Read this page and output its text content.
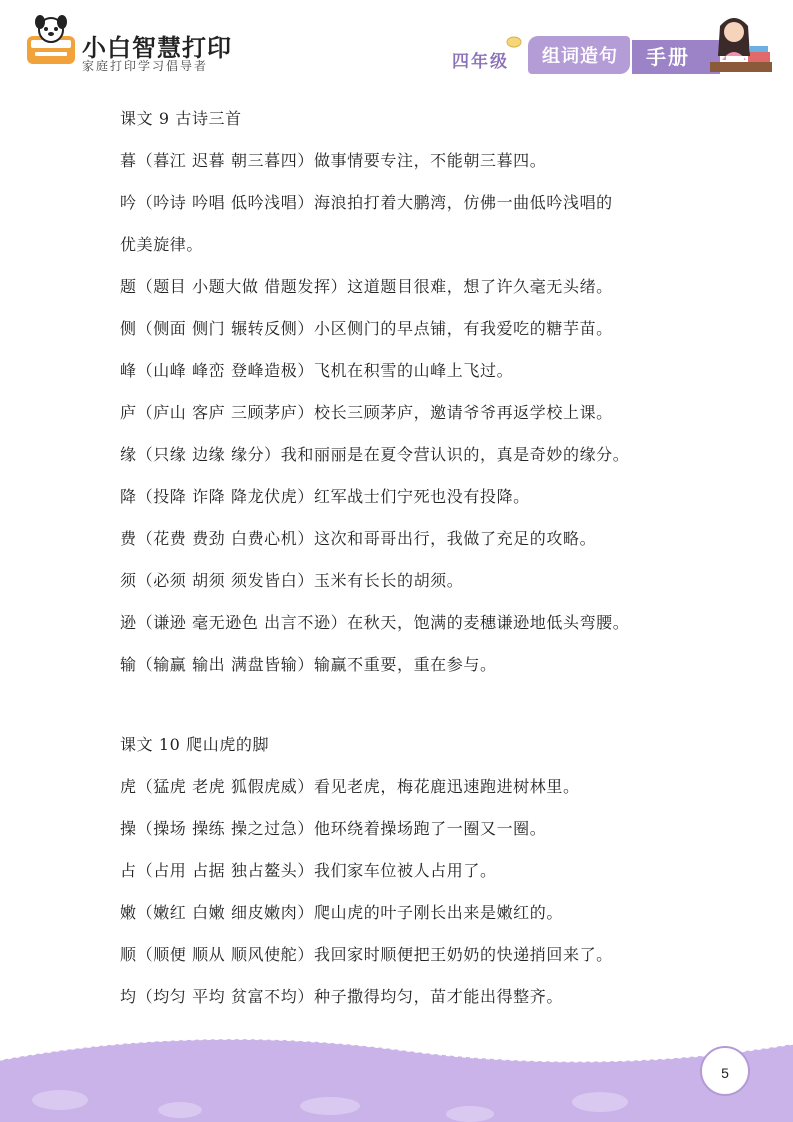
小白智慧打印
家庭打印学习倡导者	四年级 组词造句	手册
课文 9 古诗三首
暮（暮江 迟暮 朝三暮四）做事情要专注，不能朝三暮四。
吟（吟诗 吟唱 低吟浅唱）海浪拍打着大鹏湾，仿佛一曲低吟浅唱的
优美旋律。
题（题目 小题大做 借题发挥）这道题目很难，想了许久毫无头绪。
侧（侧面 侧门 辗转反侧）小区侧门的早点铺，有我爱吃的糖芋苗。
峰（山峰 峰峦 登峰造极）飞机在积雪的山峰上飞过。
庐（庐山 客庐 三顾茅庐）校长三顾茅庐，邀请爷爷再返学校上课。
缘（只缘 边缘 缘分）我和丽丽是在夏令营认识的，真是奇妙的缘分。
降（投降 诈降 降龙伏虎）红军战士们宁死也没有投降。
费（花费 费劲 白费心机）这次和哥哥出行，我做了充足的攻略。
须（必须 胡须 须发皆白）玉米有长长的胡须。
逊（谦逊 毫无逊色 出言不逊）在秋天，饱满的麦穗谦逊地低头弯腰。
输（输赢 输出 满盘皆输）输赢不重要，重在参与。
课文 10 爬山虎的脚
虎（猛虎 老虎 狐假虎威）看见老虎，梅花鹿迅速跑进树林里。
操（操场 操练 操之过急）他环绕着操场跑了一圈又一圈。
占（占用 占据 独占鳌头）我们家车位被人占用了。
嫩（嫩红 白嫩 细皮嫩肉）爬山虎的叶子刚长出来是嫩红的。
顺（顺便 顺从 顺风使舵）我回家时顺便把王奶奶的快递捎回来了。
均（均匀 平均 贫富不均）种子撒得均匀，苗才能出得整齐。
5
